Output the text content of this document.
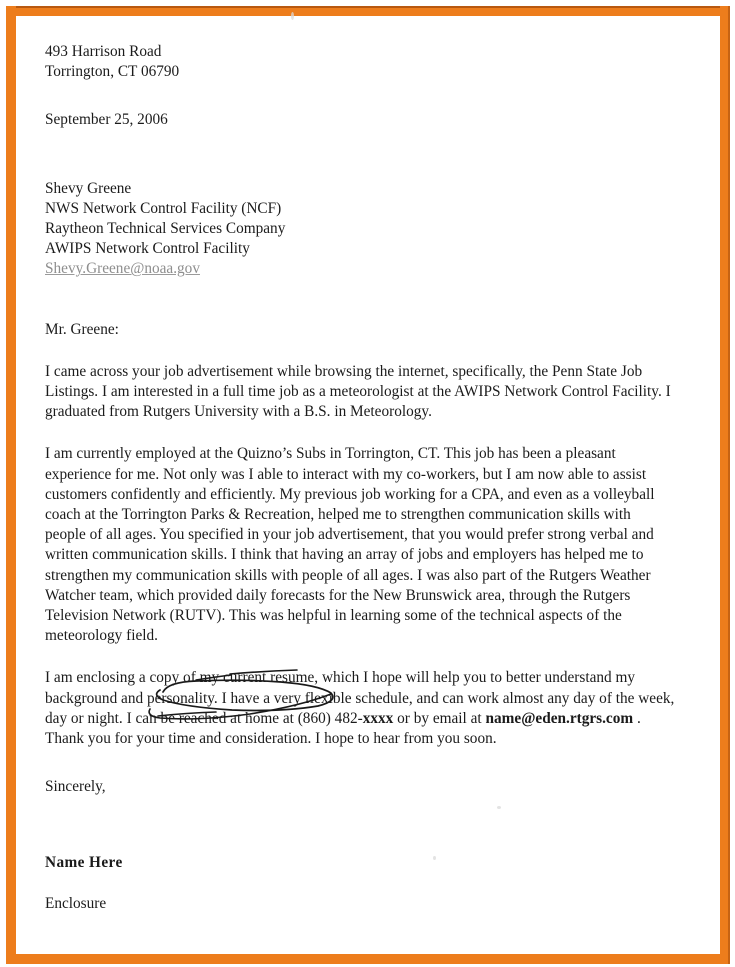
493 Harrison Road
Torrington, CT 06790
September 25, 2006
Shevy Greene
NWS Network Control Facility (NCF)
Raytheon Technical Services Company
AWIPS Network Control Facility
Shevy.Greene@noaa.gov
Mr. Greene:

I came across your job advertisement while browsing the internet, specifically, the Penn State Job Listings. I am interested in a full time job as a meteorologist at the AWIPS Network Control Facility. I graduated from Rutgers University with a B.S. in Meteorology.

I am currently employed at the Quizno’s Subs in Torrington, CT. This job has been a pleasant experience for me. Not only was I able to interact with my co-workers, but I am now able to assist customers confidently and efficiently. My previous job working for a CPA, and even as a volleyball coach at the Torrington Parks & Recreation, helped me to strengthen communication skills with people of all ages. You specified in your job advertisement, that you would prefer strong verbal and written communication skills. I think that having an array of jobs and employers has helped me to strengthen my communication skills with people of all ages. I was also part of the Rutgers Weather Watcher team, which provided daily forecasts for the New Brunswick area, through the Rutgers Television Network (RUTV). This was helpful in learning some of the technical aspects of the meteorology field.

I am enclosing a copy of my current resume, which I hope will help you to better understand my background and personality. I have a very flexible schedule, and can work almost any day of the week, day or night. I can be reached at home at (860) 482-xxxx or by email at name@eden.rtgrs.com . Thank you for your time and consideration. I hope to hear from you soon.

Sincerely,
Name Here
Enclosure
